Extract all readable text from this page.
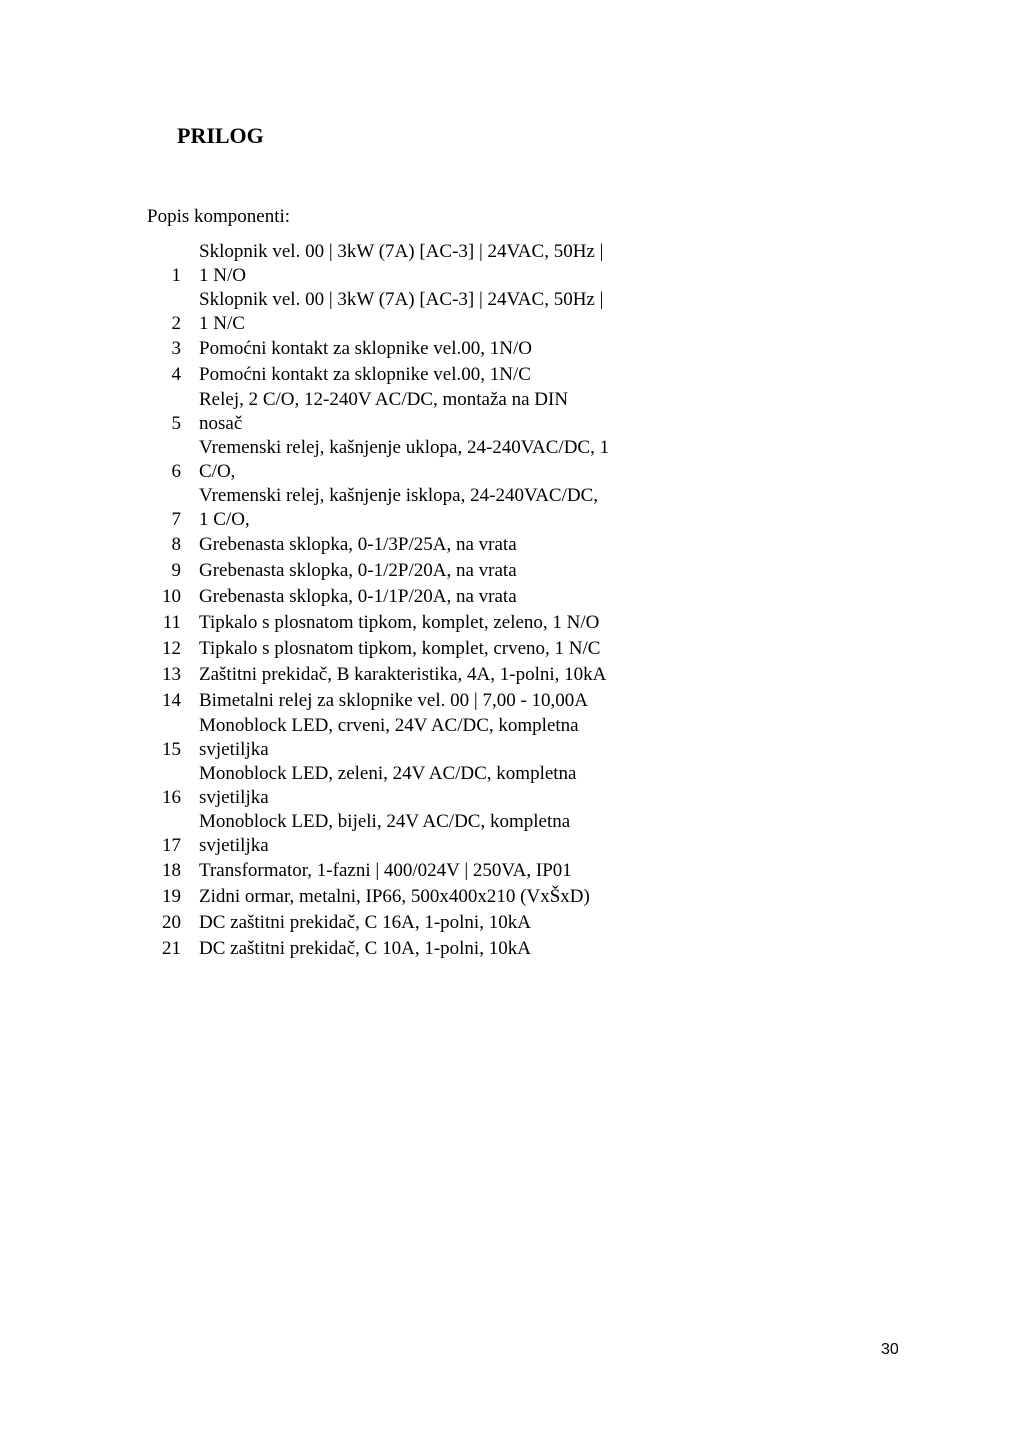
PRILOG

Popis komponenti:

1	Sklopnik vel. 00 | 3kW (7A) [AC-3] | 24VAC, 50Hz |
1 N/O

2	Sklopnik vel. 00 | 3kW (7A) [AC-3] | 24VAC, 50Hz |
1 N/C

3	Pomoćni kontakt za sklopnike vel.00, 1N/O

4	Pomoćni kontakt za sklopnike vel.00, 1N/C

5	Relej, 2 C/O, 12-240V AC/DC, montaža na DIN
nosač

6	Vremenski relej, kašnjenje uklopa, 24-240VAC/DC, 1
C/O,

7	Vremenski relej, kašnjenje isklopa, 24-240VAC/DC,
1 C/O,

8	Grebenasta sklopka, 0-1/3P/25A, na vrata

9	Grebenasta sklopka, 0-1/2P/20A, na vrata

10	Grebenasta sklopka, 0-1/1P/20A, na vrata

11	Tipkalo s plosnatom tipkom, komplet, zeleno, 1 N/O

12	Tipkalo s plosnatom tipkom, komplet, crveno, 1 N/C

13	Zaštitni prekidač, B karakteristika, 4A, 1-polni, 10kA

14	Bimetalni relej za sklopnike vel. 00 | 7,00 - 10,00A

15	Monoblock LED, crveni, 24V AC/DC, kompletna
svjetiljka

16	Monoblock LED, zeleni, 24V AC/DC, kompletna
svjetiljka

17	Monoblock LED, bijeli, 24V AC/DC, kompletna
svjetiljka

18	Transformator, 1-fazni | 400/024V | 250VA, IP01

19	Zidni ormar, metalni, IP66, 500x400x210 (VxŠxD)

20	DC zaštitni prekidač, C 16A, 1-polni, 10kA

21	DC zaštitni prekidač, C 10A, 1-polni, 10kA

30
